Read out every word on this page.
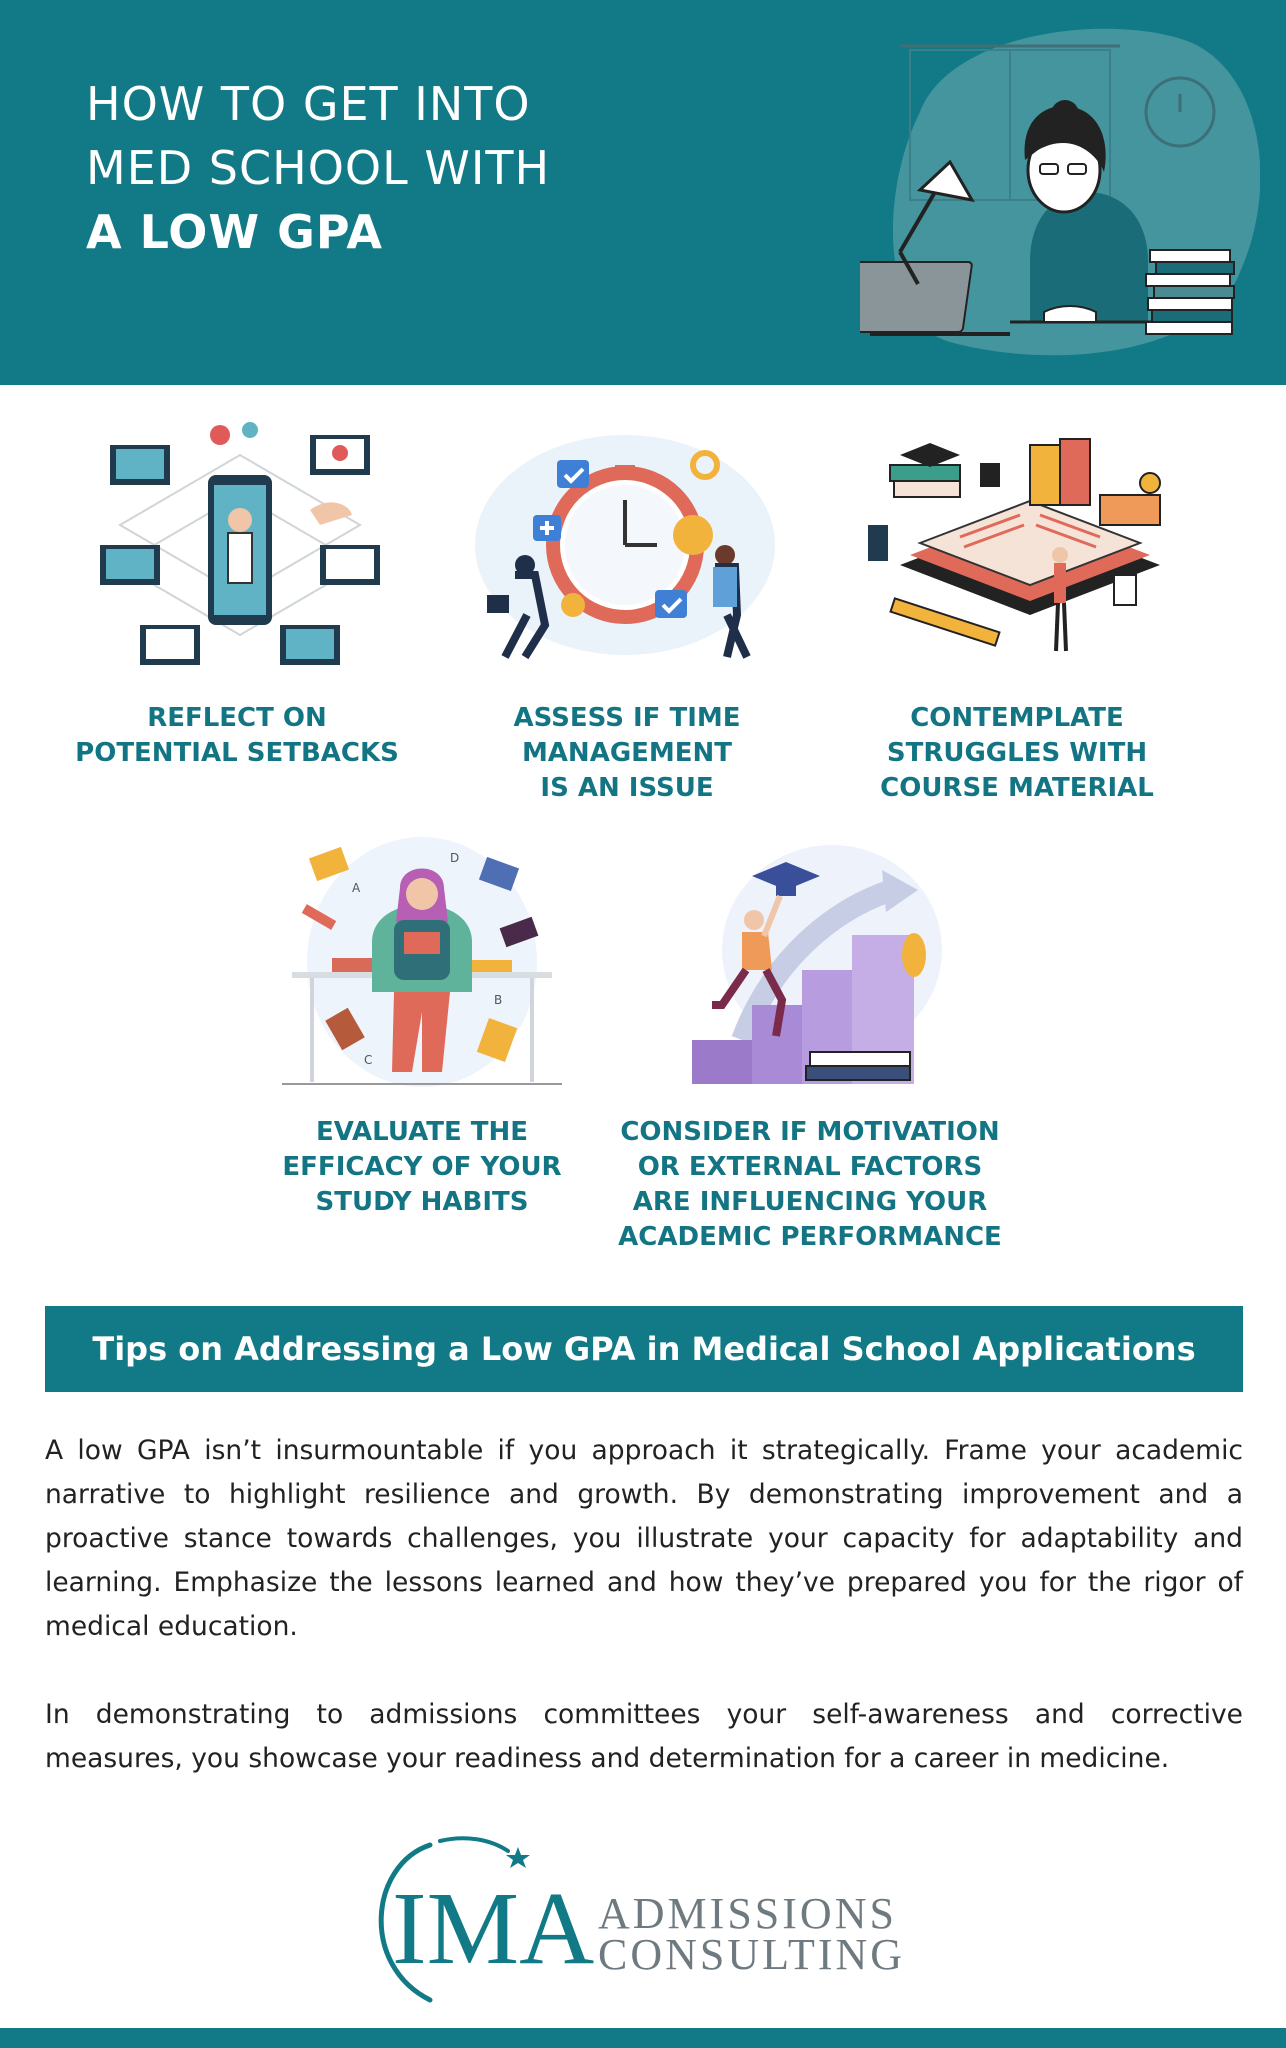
HOW TO GET INTO
MED SCHOOL WITH
A LOW GPA
A
D
B
C
REFLECT ON
POTENTIAL SETBACKS
ASSESS IF TIME
MANAGEMENT
IS AN ISSUE
CONTEMPLATE
STRUGGLES WITH
COURSE MATERIAL
EVALUATE THE
EFFICACY OF YOUR
STUDY HABITS
CONSIDER IF MOTIVATION
OR EXTERNAL FACTORS
ARE INFLUENCING YOUR
ACADEMIC PERFORMANCE
Tips on Addressing a Low GPA in Medical School Applications

A low GPA isn’t insurmountable if you approach it strategically. Frame your academic narrative to highlight resilience and growth. By demonstrating improvement and a proactive stance towards challenges, you illustrate your capacity for adaptability and learning. Emphasize the lessons learned and how they’ve prepared you for the rigor of medical education.

In demonstrating to admissions committees your self-awareness and corrective measures, you showcase your readiness and determination for a career in medicine.

IMA ADMISSIONS
CONSULTING
